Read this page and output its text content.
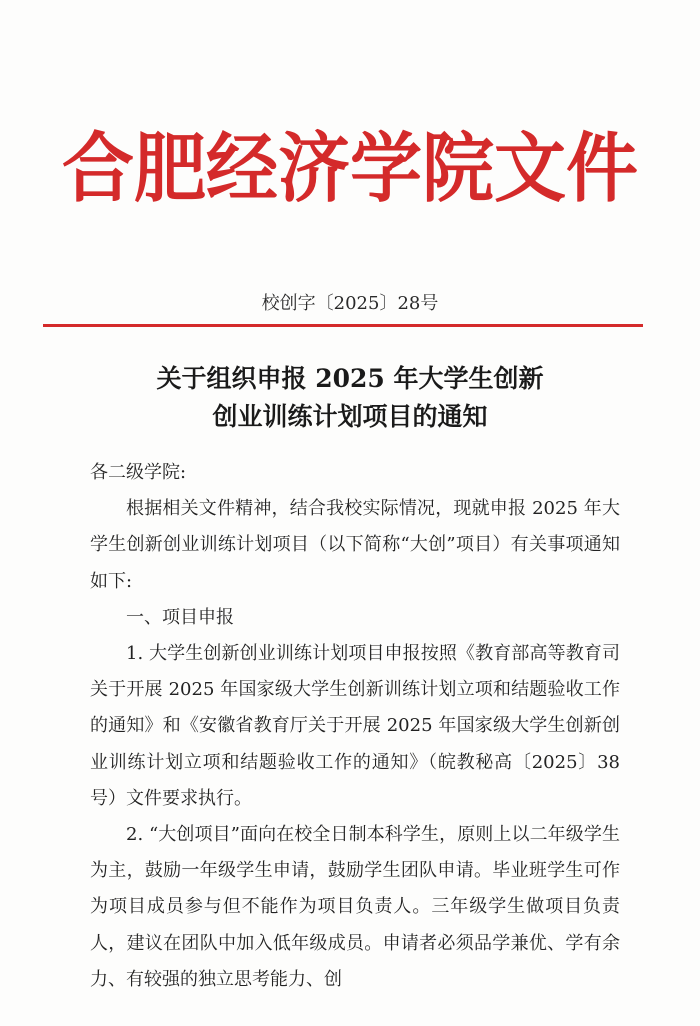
合肥经济学院文件
校创字〔2025〕28号
关于组织申报 2025 年大学生创新
创业训练计划项目的通知

各二级学院:

根据相关文件精神，结合我校实际情况，现就申报 2025 年大学生创新创业训练计划项目（以下简称“大创”项目）有关事项通知如下:

一、项目申报

1. 大学生创新创业训练计划项目申报按照《教育部高等教育司关于开展 2025 年国家级大学生创新训练计划立项和结题验收工作的通知》和《安徽省教育厅关于开展 2025 年国家级大学生创新创业训练计划立项和结题验收工作的通知》（皖教秘高〔2025〕38 号）文件要求执行。

2. “大创项目”面向在校全日制本科学生，原则上以二年级学生为主，鼓励一年级学生申请，鼓励学生团队申请。毕业班学生可作为项目成员参与但不能作为项目负责人。三年级学生做项目负责人，建议在团队中加入低年级成员。申请者必须品学兼优、学有余力、有较强的独立思考能力、创
